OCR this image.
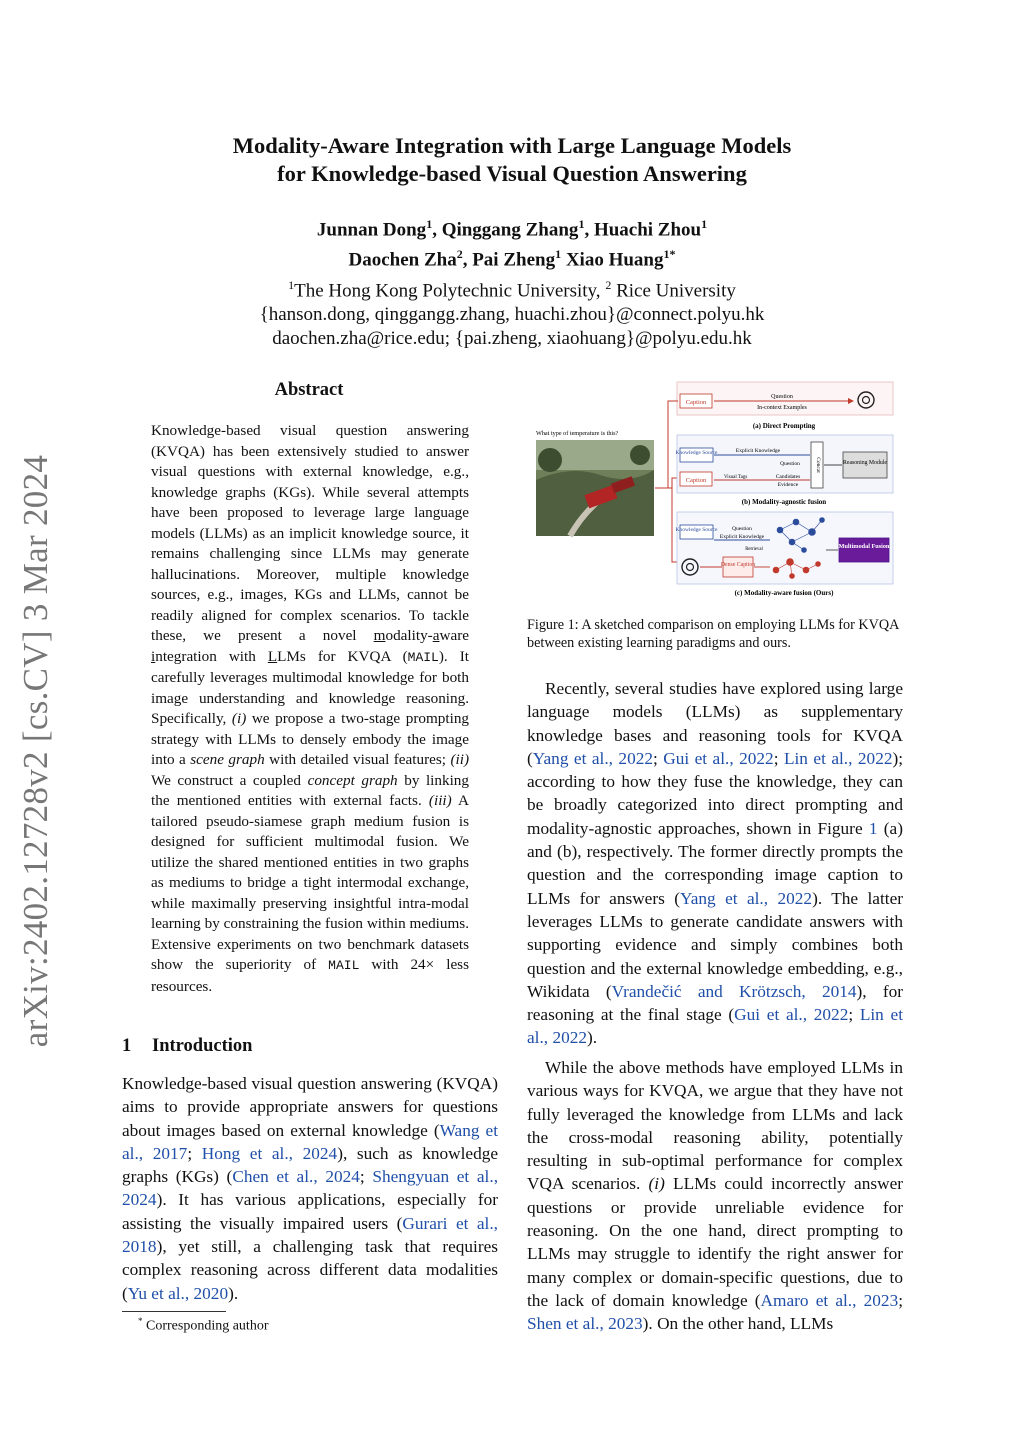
Modality-Aware Integration with Large Language Models
for Knowledge-based Visual Question Answering
Junnan Dong$^1$, Qinggang Zhang$^1$, Huachi Zhou$^1$
Daochen Zha$^2$, Pai Zheng$^1$ Xiao Huang$^{1*}$
$^1$The Hong Kong Polytechnic University, $^2$ Rice University
{hanson.dong, qinggangg.zhang, huachi.zhou}@connect.polyu.hk
daochen.zha@rice.edu; {pai.zheng, xiaohuang}@polyu.edu.hk
arXiv:2402.12728v2 [cs.CV] 3 Mar 2024
Abstract
Knowledge-based visual question answering (KVQA) has been extensively studied to answer visual questions with external knowledge, e.g., knowledge graphs (KGs). While several attempts have been proposed to leverage large language models (LLMs) as an implicit knowledge source, it remains challenging since LLMs may generate hallucinations. Moreover, multiple knowledge sources, e.g., images, KGs and LLMs, cannot be readily aligned for complex scenarios. To tackle these, we present a novel modality-aware integration with LLMs for KVQA (MAIL). It carefully leverages multimodal knowledge for both image understanding and knowledge reasoning. Specifically, (i) we propose a two-stage prompting strategy with LLMs to densely embody the image into a scene graph with detailed visual features; (ii) We construct a coupled concept graph by linking the mentioned entities with external facts. (iii) A tailored pseudo-siamese graph medium fusion is designed for sufficient multimodal fusion. We utilize the shared mentioned entities in two graphs as mediums to bridge a tight intermodal exchange, while maximally preserving insightful intra-modal learning by constraining the fusion within mediums. Extensive experiments on two benchmark datasets show the superiority of MAIL with 24× less resources.
1 Introduction
Knowledge-based visual question answering (KVQA) aims to provide appropriate answers for questions about images based on external knowledge (Wang et al., 2017; Hong et al., 2024), such as knowledge graphs (KGs) (Chen et al., 2024; Shengyuan et al., 2024). It has various applications, especially for assisting the visually impaired users (Gurari et al., 2018), yet still, a challenging task that requires complex reasoning across different data modalities (Yu et al., 2020).
* Corresponding author
Caption
Question
In-context Examples
(a) Direct Prompting
What type of temperature is this?
Knowledge Source
Caption
Explicit Knowledge
Question
Visual Tags	Candidates
Evidence
Concat	Reasoning Module
(b) Modality-agnostic fusion
Knowledge Source	Question
Explicit Knowledge
Retrieval
Dense Caption
Multimodal Fusion
(c) Modality-aware fusion (Ours)
Figure 1: A sketched comparison on employing LLMs for KVQA between existing learning paradigms and ours.
Recently, several studies have explored using large language models (LLMs) as supplementary knowledge bases and reasoning tools for KVQA (Yang et al., 2022; Gui et al., 2022; Lin et al., 2022); according to how they fuse the knowledge, they can be broadly categorized into direct prompting and modality-agnostic approaches, shown in Figure 1 (a) and (b), respectively. The former directly prompts the question and the corresponding image caption to LLMs for answers (Yang et al., 2022). The latter leverages LLMs to generate candidate answers with supporting evidence and simply combines both question and the external knowledge embedding, e.g., Wikidata (Vrandečić and Krötzsch, 2014), for reasoning at the final stage (Gui et al., 2022; Lin et al., 2022).
While the above methods have employed LLMs in various ways for KVQA, we argue that they have not fully leveraged the knowledge from LLMs and lack the cross-modal reasoning ability, potentially resulting in sub-optimal performance for complex VQA scenarios. (i) LLMs could incorrectly answer questions or provide unreliable evidence for reasoning. On the one hand, direct prompting to LLMs may struggle to identify the right answer for many complex or domain-specific questions, due to the lack of domain knowledge (Amaro et al., 2023; Shen et al., 2023). On the other hand, LLMs
